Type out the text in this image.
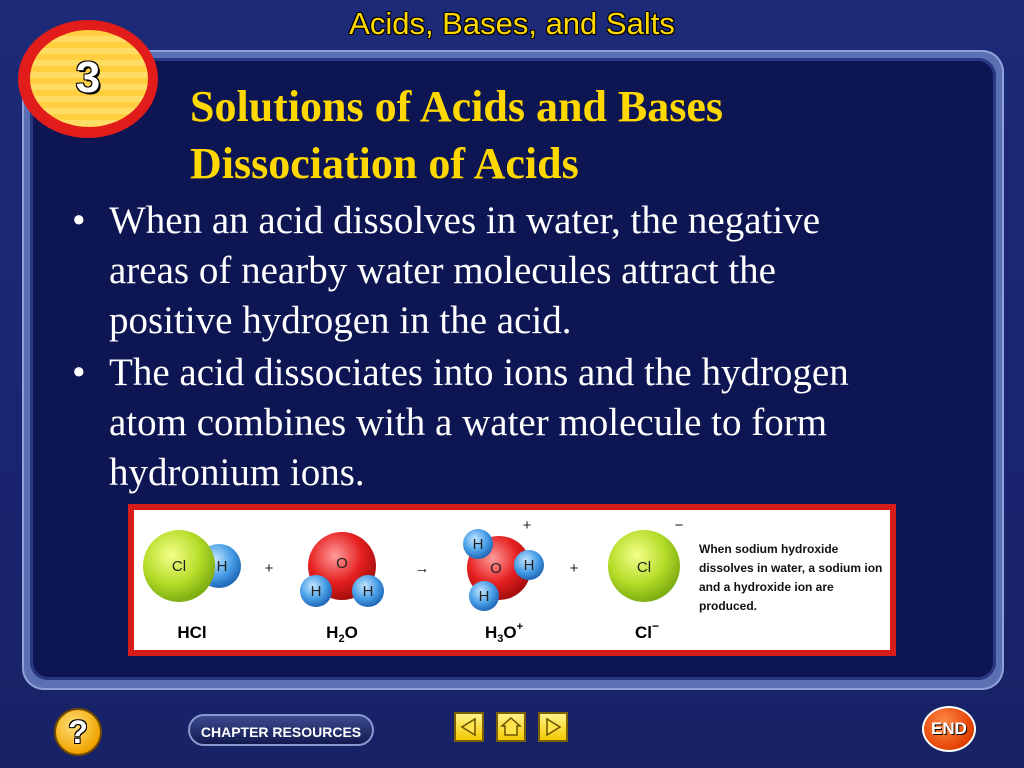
Acids, Bases, and Salts
3
Solutions of Acids and Bases
Dissociation of Acids
• When an acid dissolves in water, the negative areas of nearby water molecules attract the positive hydrogen in the acid.
• The acid dissociates into ions and the hydrogen atom combines with a water molecule to form hydronium ions.
Cl H +	O
H	H
→	O
H
H
H
+
+	Cl
−
HCl	$H_2O$	$H_3O^+$	Cl−
When sodium hydroxide dissolves in water, a sodium ion and a hydroxide ion are produced.
?	CHAPTER RESOURCES	END
